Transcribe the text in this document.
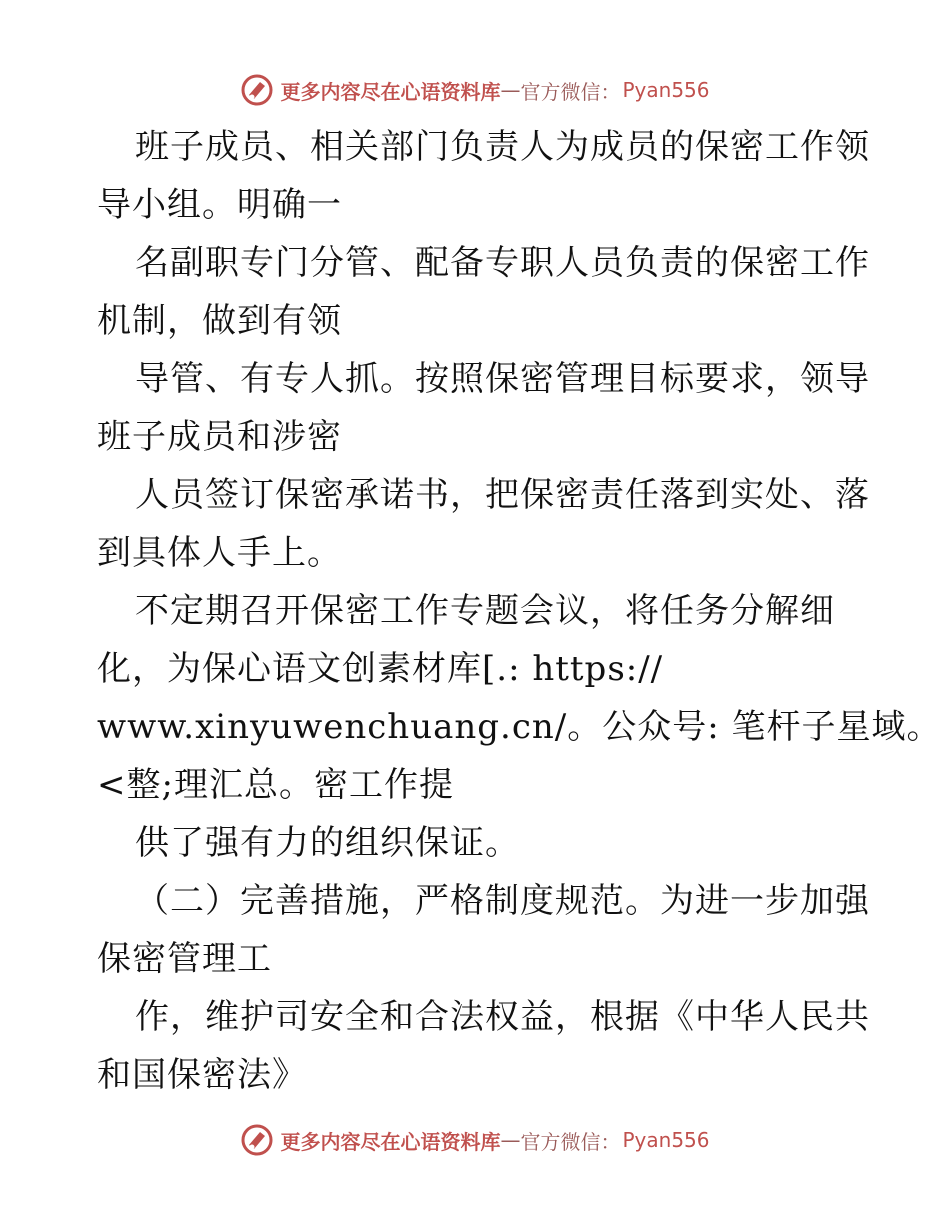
更多内容尽在心语资料库 — 官方微信： Pyan556
班子成员、相关部门负责人为成员的保密工作领
导小组。明确一
名副职专门分管、配备专职人员负责的保密工作
机制，做到有领
导管、有专人抓。按照保密管理目标要求，领导
班子成员和涉密
人员签订保密承诺书，把保密责任落到实处、落
到具体人手上。
不定期召开保密工作专题会议，将任务分解细
化，为保心语文创素材库[.: https://
www.xinyuwenchuang.cn/。公众号: 笔杆子星域。
<整;理汇总。密工作提
供了强有力的组织保证。
（二）完善措施，严格制度规范。为进一步加强
保密管理工
作，维护司安全和合法权益，根据《中华人民共
和国保密法》
更多内容尽在心语资料库 — 官方微信： Pyan556
